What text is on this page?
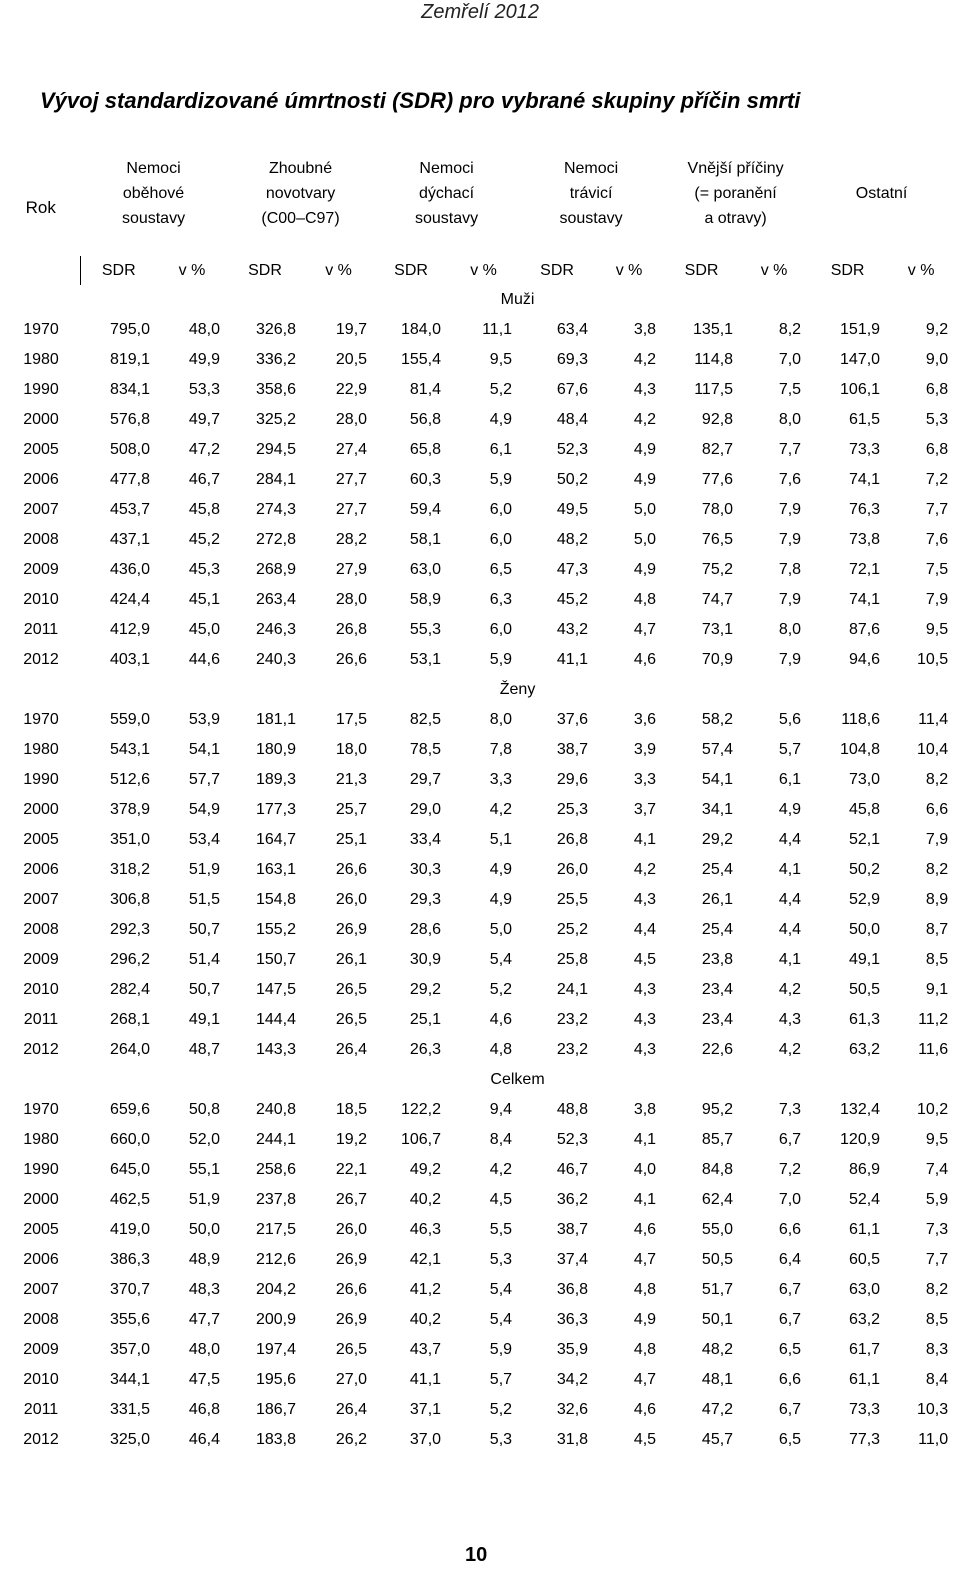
Zemřelí 2012
Vývoj standardizované úmrtnosti (SDR) pro vybrané skupiny příčin smrti
Rok	Nemoci
oběhové
soustavy		Zhoubné
novotvary
(C00–C97)		Nemoci
dýchací
soustavy		Nemoci
trávicí
soustavy		Vnější příčiny
(= poranění
a otravy)		Ostatní	

	SDR	v %	SDR	v %	SDR	v %	SDR	v %	SDR	v %	SDR	v %
	Muži											
1970	795,0	48,0	326,8	19,7	184,0	11,1	63,4	3,8	135,1	8,2	151,9	9,2
1980	819,1	49,9	336,2	20,5	155,4	9,5	69,3	4,2	114,8	7,0	147,0	9,0
1990	834,1	53,3	358,6	22,9	81,4	5,2	67,6	4,3	117,5	7,5	106,1	6,8
2000	576,8	49,7	325,2	28,0	56,8	4,9	48,4	4,2	92,8	8,0	61,5	5,3
2005	508,0	47,2	294,5	27,4	65,8	6,1	52,3	4,9	82,7	7,7	73,3	6,8
2006	477,8	46,7	284,1	27,7	60,3	5,9	50,2	4,9	77,6	7,6	74,1	7,2
2007	453,7	45,8	274,3	27,7	59,4	6,0	49,5	5,0	78,0	7,9	76,3	7,7
2008	437,1	45,2	272,8	28,2	58,1	6,0	48,2	5,0	76,5	7,9	73,8	7,6
2009	436,0	45,3	268,9	27,9	63,0	6,5	47,3	4,9	75,2	7,8	72,1	7,5
2010	424,4	45,1	263,4	28,0	58,9	6,3	45,2	4,8	74,7	7,9	74,1	7,9
2011	412,9	45,0	246,3	26,8	55,3	6,0	43,2	4,7	73,1	8,0	87,6	9,5
2012	403,1	44,6	240,3	26,6	53,1	5,9	41,1	4,6	70,9	7,9	94,6	10,5
	Ženy											
1970	559,0	53,9	181,1	17,5	82,5	8,0	37,6	3,6	58,2	5,6	118,6	11,4
1980	543,1	54,1	180,9	18,0	78,5	7,8	38,7	3,9	57,4	5,7	104,8	10,4
1990	512,6	57,7	189,3	21,3	29,7	3,3	29,6	3,3	54,1	6,1	73,0	8,2
2000	378,9	54,9	177,3	25,7	29,0	4,2	25,3	3,7	34,1	4,9	45,8	6,6
2005	351,0	53,4	164,7	25,1	33,4	5,1	26,8	4,1	29,2	4,4	52,1	7,9
2006	318,2	51,9	163,1	26,6	30,3	4,9	26,0	4,2	25,4	4,1	50,2	8,2
2007	306,8	51,5	154,8	26,0	29,3	4,9	25,5	4,3	26,1	4,4	52,9	8,9
2008	292,3	50,7	155,2	26,9	28,6	5,0	25,2	4,4	25,4	4,4	50,0	8,7
2009	296,2	51,4	150,7	26,1	30,9	5,4	25,8	4,5	23,8	4,1	49,1	8,5
2010	282,4	50,7	147,5	26,5	29,2	5,2	24,1	4,3	23,4	4,2	50,5	9,1
2011	268,1	49,1	144,4	26,5	25,1	4,6	23,2	4,3	23,4	4,3	61,3	11,2
2012	264,0	48,7	143,3	26,4	26,3	4,8	23,2	4,3	22,6	4,2	63,2	11,6
	Celkem											
1970	659,6	50,8	240,8	18,5	122,2	9,4	48,8	3,8	95,2	7,3	132,4	10,2
1980	660,0	52,0	244,1	19,2	106,7	8,4	52,3	4,1	85,7	6,7	120,9	9,5
1990	645,0	55,1	258,6	22,1	49,2	4,2	46,7	4,0	84,8	7,2	86,9	7,4
2000	462,5	51,9	237,8	26,7	40,2	4,5	36,2	4,1	62,4	7,0	52,4	5,9
2005	419,0	50,0	217,5	26,0	46,3	5,5	38,7	4,6	55,0	6,6	61,1	7,3
2006	386,3	48,9	212,6	26,9	42,1	5,3	37,4	4,7	50,5	6,4	60,5	7,7
2007	370,7	48,3	204,2	26,6	41,2	5,4	36,8	4,8	51,7	6,7	63,0	8,2
2008	355,6	47,7	200,9	26,9	40,2	5,4	36,3	4,9	50,1	6,7	63,2	8,5
2009	357,0	48,0	197,4	26,5	43,7	5,9	35,9	4,8	48,2	6,5	61,7	8,3
2010	344,1	47,5	195,6	27,0	41,1	5,7	34,2	4,7	48,1	6,6	61,1	8,4
2011	331,5	46,8	186,7	26,4	37,1	5,2	32,6	4,6	47,2	6,7	73,3	10,3
2012	325,0	46,4	183,8	26,2	37,0	5,3	31,8	4,5	45,7	6,5	77,3	11,0
10
